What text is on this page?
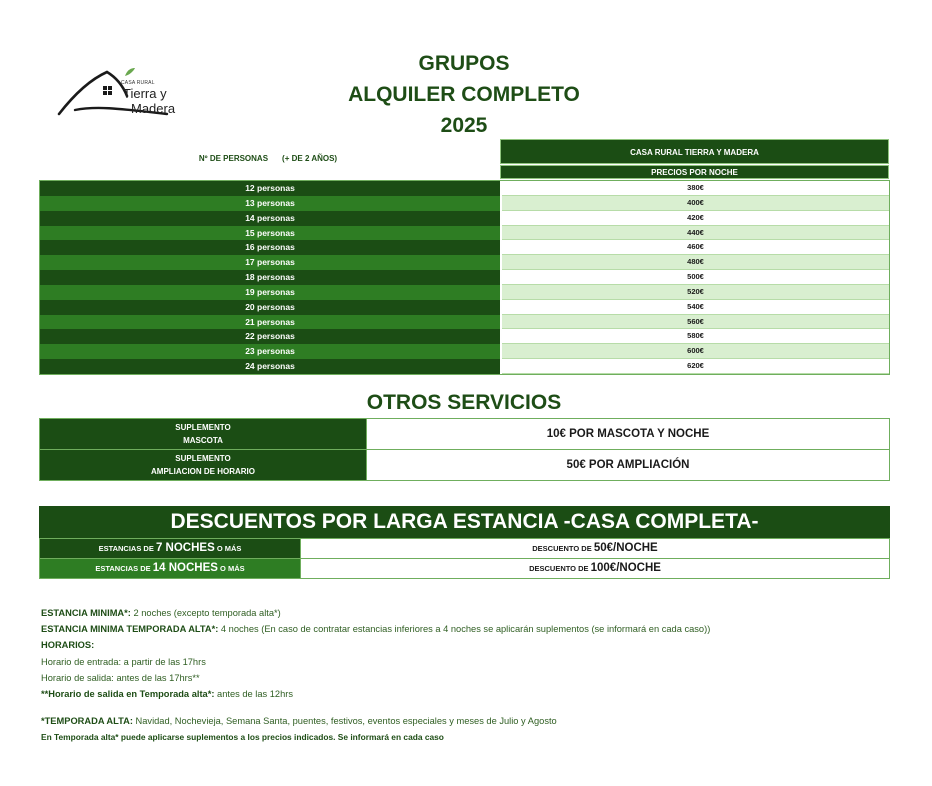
CASA RURAL
Tierra y
Madera
GRUPOS
ALQUILER COMPLETO
2025
Nº DE PERSONAS (+ DE 2 AÑOS)
CASA RURAL TIERRA Y MADERA
PRECIOS POR NOCHE
12 personas	380€
13 personas	400€
14 personas	420€
15 personas	440€
16 personas	460€
17 personas	480€
18 personas	500€
19 personas	520€
20 personas	540€
21 personas	560€
22 personas	580€
23 personas	600€
24 personas	620€
OTROS SERVICIOS
SUPLEMENTO
MASCOTA
10€ POR MASCOTA Y NOCHE
SUPLEMENTO
AMPLIACION DE HORARIO
50€ POR AMPLIACIÓN
DESCUENTOS POR LARGA ESTANCIA -CASA COMPLETA-
ESTANCIAS DE 7 NOCHES O MÁS	DESCUENTO DE 50€/NOCHE
ESTANCIAS DE 14 NOCHES O MÁS	DESCUENTO DE 100€/NOCHE
ESTANCIA MINIMA*: 2 noches (excepto temporada alta*)
ESTANCIA MINIMA TEMPORADA ALTA*: 4 noches (En caso de contratar estancias inferiores a 4 noches se aplicarán suplementos (se informará en cada caso))
HORARIOS:
Horario de entrada: a partir de las 17hrs
Horario de salida: antes de las 17hrs**
**Horario de salida en Temporada alta*: antes de las 12hrs
*TEMPORADA ALTA: Navidad, Nochevieja, Semana Santa, puentes, festivos, eventos especiales y meses de Julio y Agosto
En Temporada alta* puede aplicarse suplementos a los precios indicados. Se informará en cada caso
